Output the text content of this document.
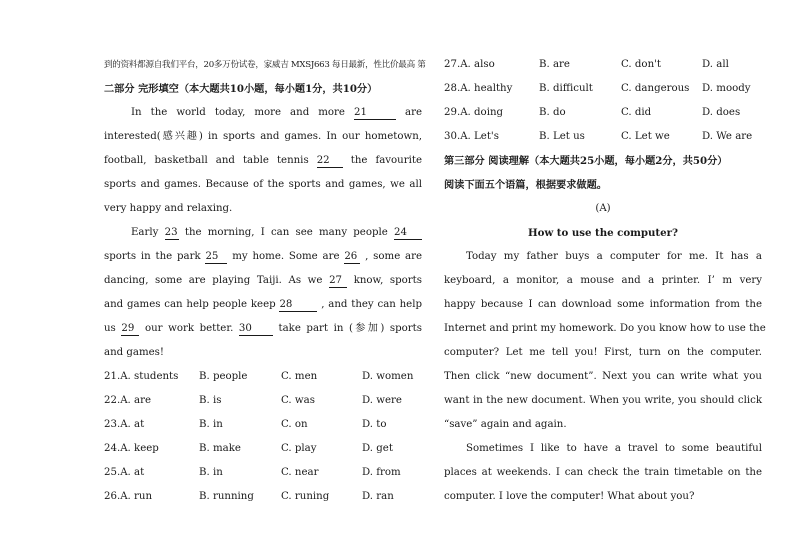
到的资料都源自我们平台，20多万份试卷，家威吉 MXSJ663 每日最新，性比价最高 第
二部分 完形填空（本大题共10小题，每小题1分，共10分）
In the world today, more and more 21	are
interested(感兴趣) in sports and games. In our hometown,
football, basketball and table tennis 22 the favourite
sports and games. Because of the sports and games, we all
very happy and relaxing.
Early 23 the morning, I can see many people 24
sports in the park 25 my home. Some are 26 , some are
dancing, some are playing Taiji. As we 27 know, sports
and games can help people keep 28	, and they can help
us 29 our work better. 30	take part in (参加) sports
and games!
21.A. students B. people	C. men	D. women
22.A. are	B. is	C. was	D. were
23.A. at	B. in	C. on	D. to
24.A. keep	B. make	C. play	D. get
25.A. at	B. in	C. near	D. from
26.A. run	B. running	C. runing	D. ran
27.A. also	B. are	C. don't	D. all
28.A. healthy	B. difficult	C. dangerous D. moody
29.A. doing	B. do	C. did	D. does
30.A. Let's	B. Let us	C. Let we	D. We are
第三部分 阅读理解（本大题共25小题，每小题2分，共50分）
阅读下面五个语篇，根据要求做题。
(A)
How to use the computer?
Today my father buys a computer for me. It has a
keyboard, a monitor, a mouse and a printer. I’ m very
happy because I can download some information from the
Internet and print my homework. Do you know how to use the
computer? Let me tell you! First, turn on the computer.
Then click “new document”. Next you can write what you
want in the new document. When you write, you should click
“save” again and again.
Sometimes I like to have a travel to some beautiful
places at weekends. I can check the train timetable on the
computer. I love the computer! What about you?
